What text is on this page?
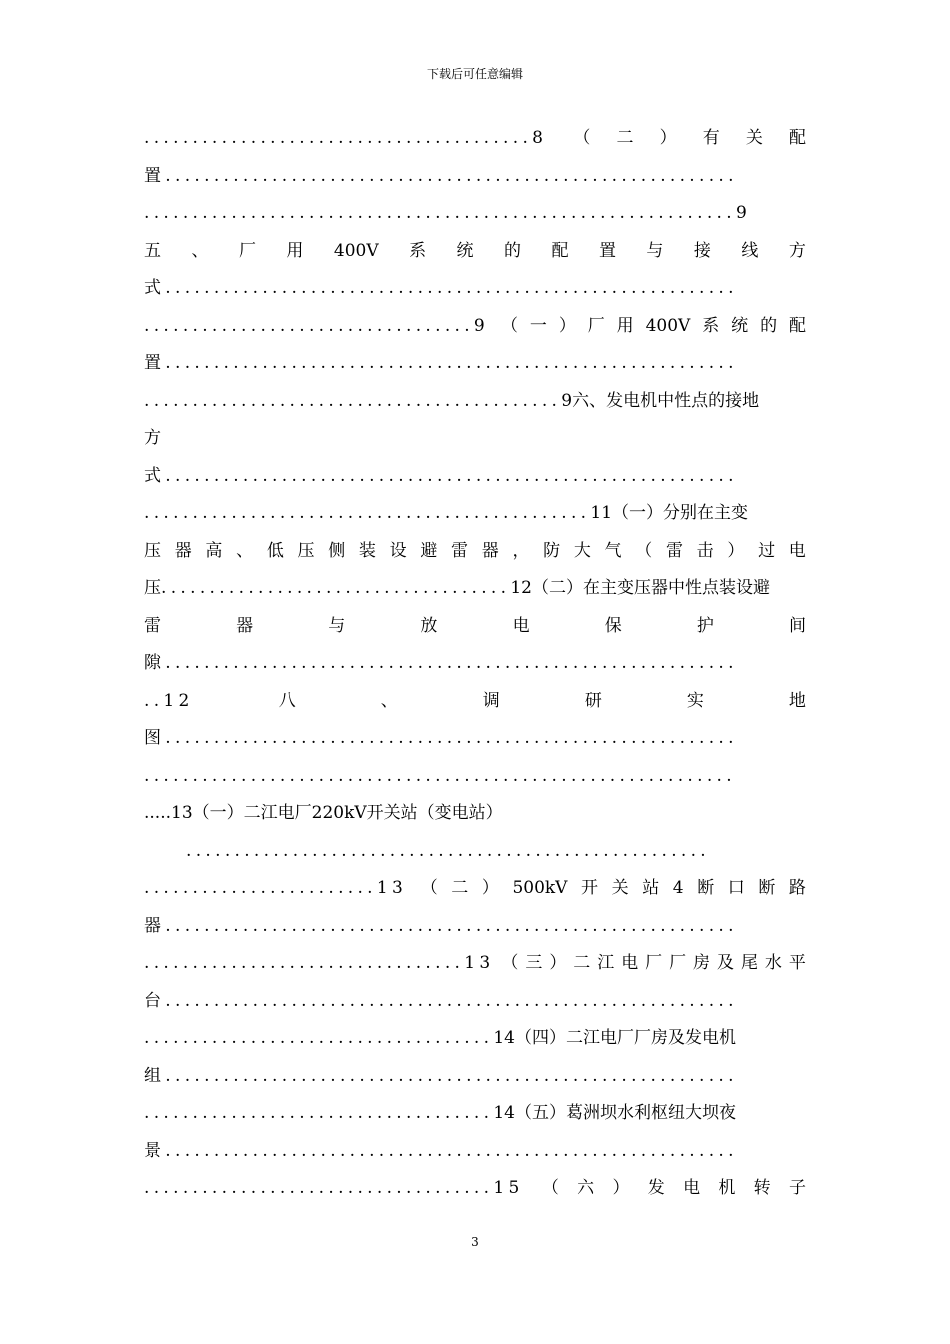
下载后可任意编辑
........................................8 （ 二 ） 有 关 配
置...........................................................
.............................................................9
五 、 厂 用 400V 系 统 的 配 置 与 接 线 方
式...........................................................
..................................9 （ 一 ） 厂 用 400V 系 统 的 配
置...........................................................
...........................................9六、发电机中性点的接地
方
式...........................................................
..............................................11（一）分别在主变
压 器 高 、 低 压 侧 装 设 避 雷 器 ， 防 大 气 （ 雷 击 ） 过 电
压....................................12（二）在主变压器中性点装设避
雷	器	与	放	电	保	护	间
隙...........................................................
..12	八	、	调	研	实	地
图...........................................................
.............................................................
.....13（一）二江电厂220kV开关站（变电站）
......................................................
........................13 （ 二 ） 500kV 开 关 站 4 断 口 断 路
器...........................................................
.................................13 （ 三 ） 二 江 电 厂 厂 房 及 尾 水 平
台...........................................................
....................................14（四）二江电厂厂房及发电机
组...........................................................
....................................14（五）葛洲坝水利枢纽大坝夜
景...........................................................
....................................15 （ 六 ） 发 电 机 转 子
3
